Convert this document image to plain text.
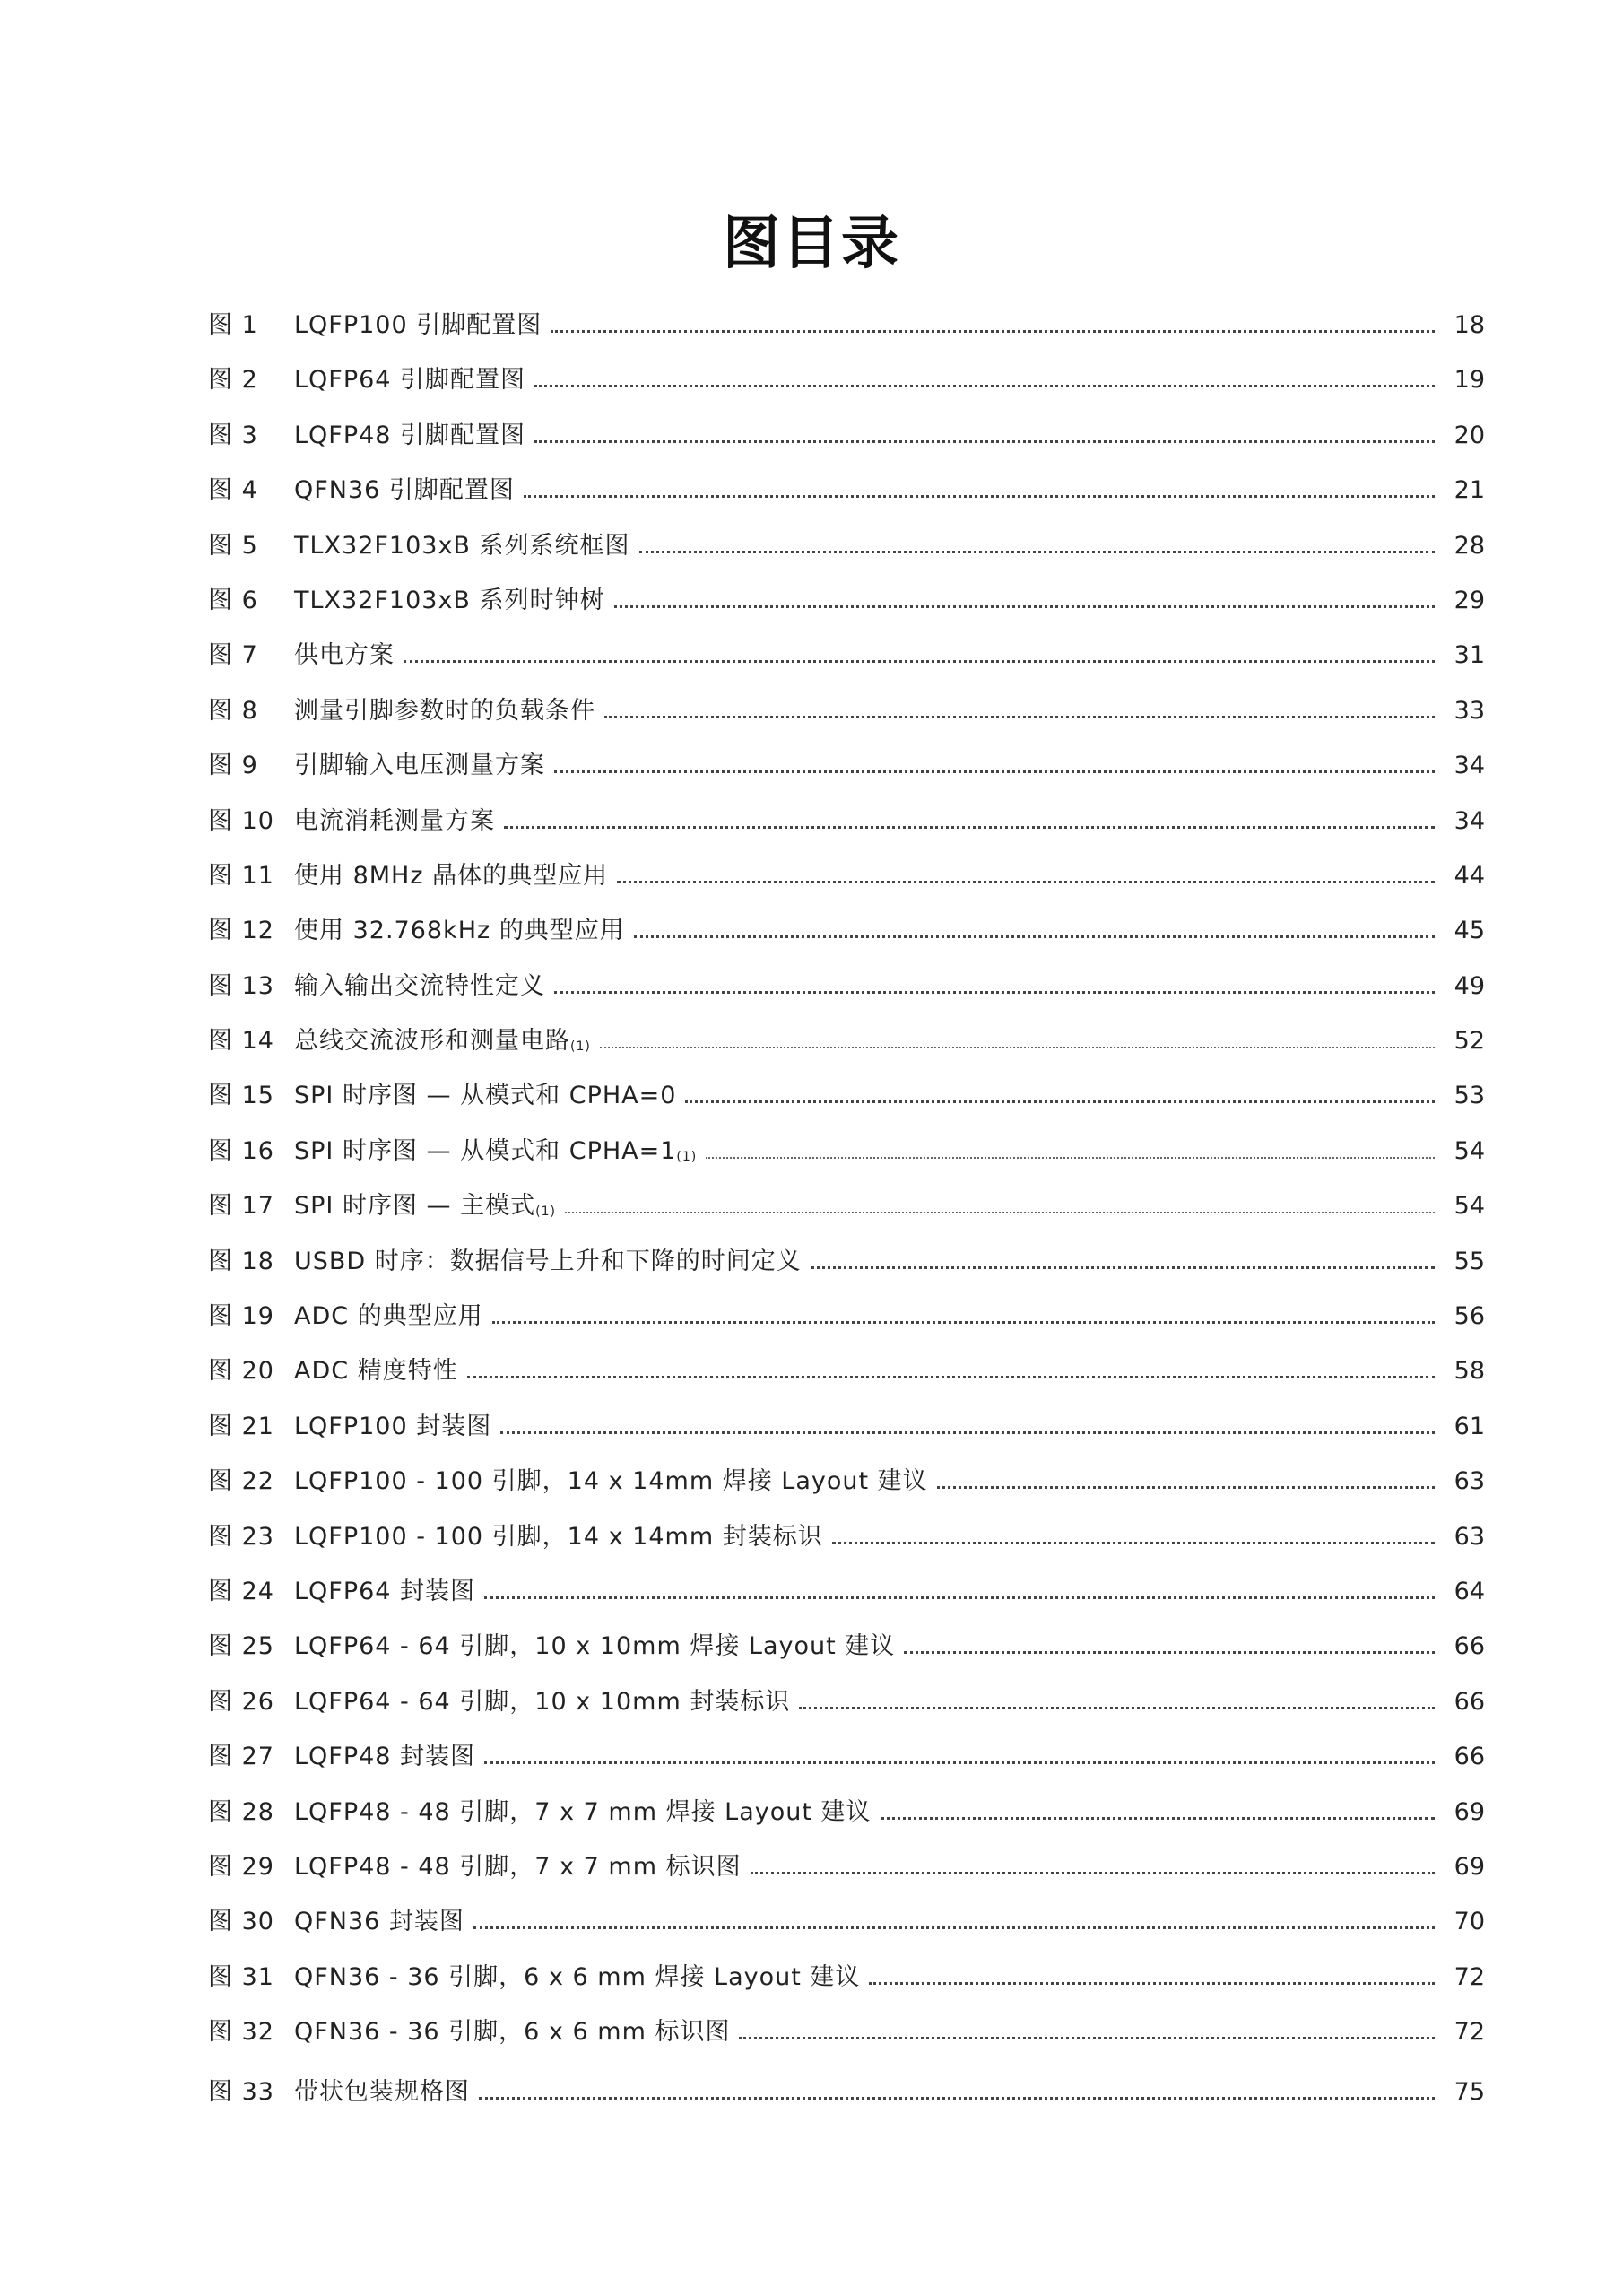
图目录
图 1	LQFP100 引脚配置图	18
图 2	LQFP64 引脚配置图	19
图 3	LQFP48 引脚配置图	20
图 4	QFN36 引脚配置图	21
图 5	TLX32F103xB 系列系统框图	28
图 6	TLX32F103xB 系列时钟树	29
图 7	供电方案	31
图 8	测量引脚参数时的负载条件	33
图 9	引脚输入电压测量方案	34
图 10 电流消耗测量方案	34
图 11 使用 8MHz 晶体的典型应用	44
图 12 使用 32.768kHz 的典型应用	45
图 13 输入输出交流特性定义	49
图 14 总线交流波形和测量电路$_{(1)}$	52
图 15 SPI 时序图 — 从模式和 CPHA=0	53
图 16 SPI 时序图 — 从模式和 $CPHA=1_{(1)}$	54
图 17 SPI 时序图 — 主模式$_{(1)}$	54
图 18 USBD 时序：数据信号上升和下降的时间定义	55
图 19 ADC 的典型应用	56
图 20 ADC 精度特性	58
图 21 LQFP100 封装图	61
图 22 LQFP100 - 100 引脚，14 x 14mm 焊接 Layout 建议	63
图 23 LQFP100 - 100 引脚，14 x 14mm 封装标识	63
图 24 LQFP64 封装图	64
图 25 LQFP64 - 64 引脚，10 x 10mm 焊接 Layout 建议	66
图 26 LQFP64 - 64 引脚，10 x 10mm 封装标识	66
图 27 LQFP48 封装图	66
图 28 LQFP48 - 48 引脚，7 x 7 mm 焊接 Layout 建议	69
图 29 LQFP48 - 48 引脚，7 x 7 mm 标识图	69
图 30 QFN36 封装图	70
图 31 QFN36 - 36 引脚，6 x 6 mm 焊接 Layout 建议	72
图 32 QFN36 - 36 引脚，6 x 6 mm 标识图	72
图 33 带状包装规格图	75
